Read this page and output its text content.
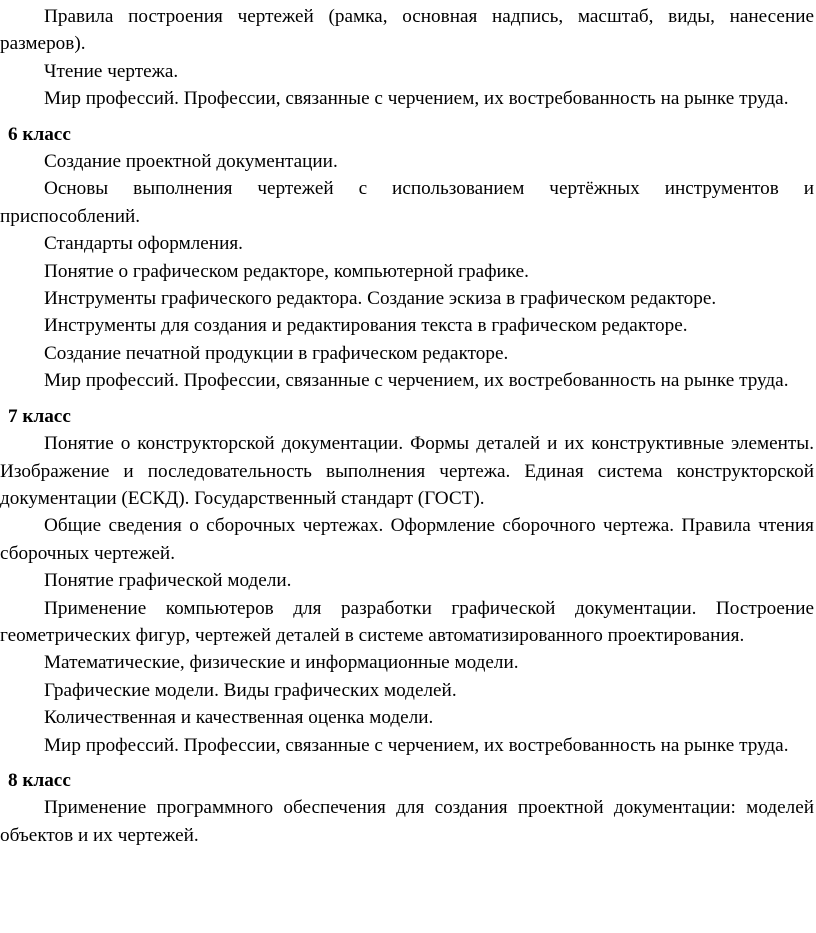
Правила построения чертежей (рамка, основная надпись, масштаб, виды, нанесение размеров).

Чтение чертежа.

Мир профессий. Профессии, связанные с черчением, их востребованность на рынке труда.

6 класс

Создание проектной документации.

Основы выполнения чертежей с использованием чертёжных инструментов и приспособлений.

Стандарты оформления.

Понятие о графическом редакторе, компьютерной графике.

Инструменты графического редактора. Создание эскиза в графическом редакторе.

Инструменты для создания и редактирования текста в графическом редакторе.

Создание печатной продукции в графическом редакторе.

Мир профессий. Профессии, связанные с черчением, их востребованность на рынке труда.

7 класс

Понятие о конструкторской документации. Формы деталей и их конструктивные элементы. Изображение и последовательность выполнения чертежа. Единая система конструкторской документации (ЕСКД). Государственный стандарт (ГОСТ).

Общие сведения о сборочных чертежах. Оформление сборочного чертежа. Правила чтения сборочных чертежей.

Понятие графической модели.

Применение компьютеров для разработки графической документации. Построение геометрических фигур, чертежей деталей в системе автоматизированного проектирования.

Математические, физические и информационные модели.

Графические модели. Виды графических моделей.

Количественная и качественная оценка модели.

Мир профессий. Профессии, связанные с черчением, их востребованность на рынке труда.

8 класс

Применение программного обеспечения для создания проектной документации: моделей объектов и их чертежей.
